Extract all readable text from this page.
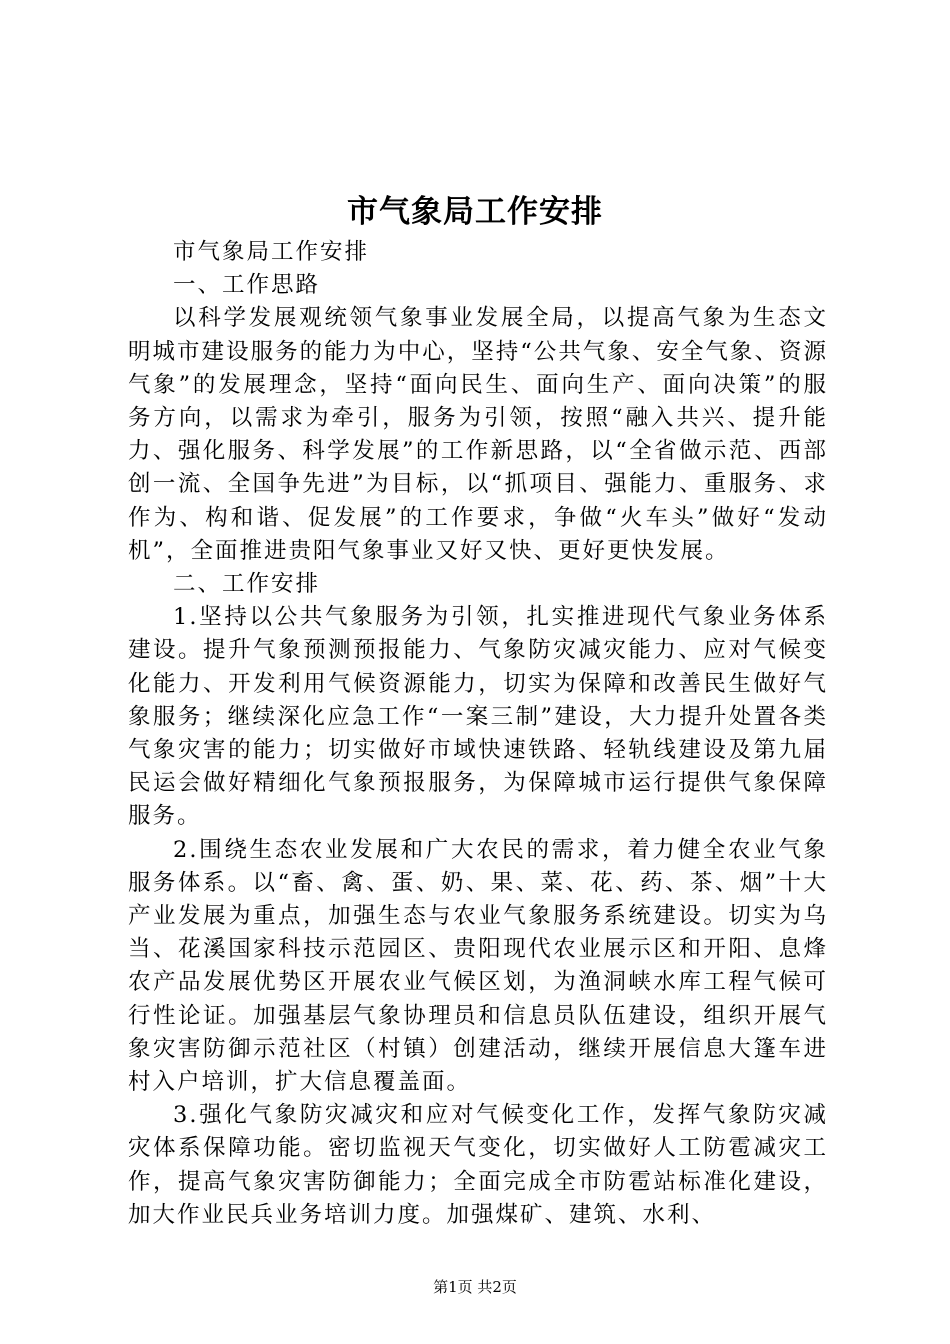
市气象局工作安排

市气象局工作安排

一、工作思路

以科学发展观统领气象事业发展全局，以提高气象为生态文明城市建设服务的能力为中心，坚持“公共气象、安全气象、资源气象”的发展理念，坚持“面向民生、面向生产、面向决策”的服务方向，以需求为牵引，服务为引领，按照“融入共兴、提升能力、强化服务、科学发展”的工作新思路，以“全省做示范、西部创一流、全国争先进”为目标，以“抓项目、强能力、重服务、求作为、构和谐、促发展”的工作要求，争做“火车头”做好“发动机”，全面推进贵阳气象事业又好又快、更好更快发展。

二、工作安排

1.坚持以公共气象服务为引领，扎实推进现代气象业务体系建设。提升气象预测预报能力、气象防灾减灾能力、应对气候变化能力、开发利用气候资源能力，切实为保障和改善民生做好气象服务；继续深化应急工作“一案三制”建设，大力提升处置各类气象灾害的能力；切实做好市域快速铁路、轻轨线建设及第九届民运会做好精细化气象预报服务，为保障城市运行提供气象保障服务。

2.围绕生态农业发展和广大农民的需求，着力健全农业气象服务体系。以“畜、禽、蛋、奶、果、菜、花、药、茶、烟”十大产业发展为重点，加强生态与农业气象服务系统建设。切实为乌当、花溪国家科技示范园区、贵阳现代农业展示区和开阳、息烽农产品发展优势区开展农业气候区划，为渔洞峡水库工程气候可行性论证。加强基层气象协理员和信息员队伍建设，组织开展气象灾害防御示范社区（村镇）创建活动，继续开展信息大篷车进村入户培训，扩大信息覆盖面。

3.强化气象防灾减灾和应对气候变化工作，发挥气象防灾减灾体系保障功能。密切监视天气变化，切实做好人工防雹减灾工作，提高气象灾害防御能力；全面完成全市防雹站标准化建设，加大作业民兵业务培训力度。加强煤矿、建筑、水利、

第1页 共2页
